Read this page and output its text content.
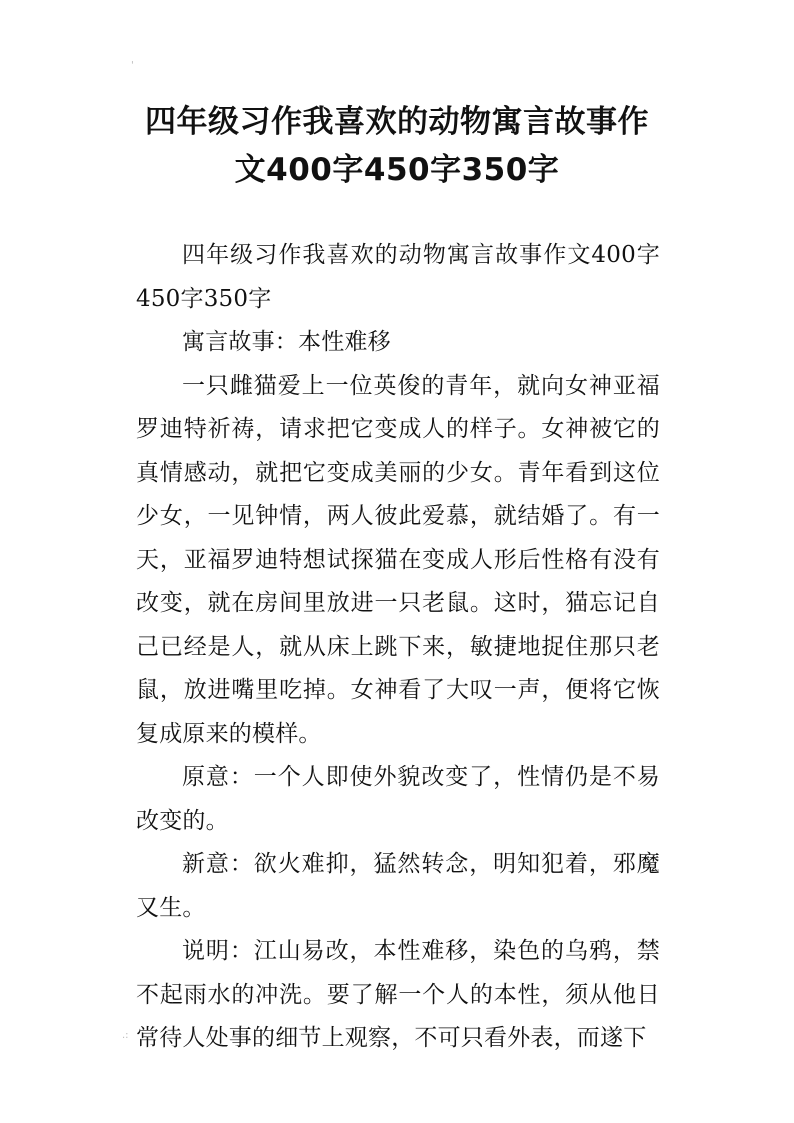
'
四年级习作我喜欢的动物寓言故事作
文400字450字350字

四年级习作我喜欢的动物寓言故事作文400字450字350字

寓言故事：本性难移

一只雌猫爱上一位英俊的青年，就向女神亚福罗迪特祈祷，请求把它变成人的样子。女神被它的真情感动，就把它变成美丽的少女。青年看到这位少女，一见钟情，两人彼此爱慕，就结婚了。有一天，亚福罗迪特想试探猫在变成人形后性格有没有改变，就在房间里放进一只老鼠。这时，猫忘记自己已经是人，就从床上跳下来，敏捷地捉住那只老鼠，放进嘴里吃掉。女神看了大叹一声，便将它恢复成原来的模样。

原意：一个人即使外貌改变了，性情仍是不易改变的。

新意：欲火难抑，猛然转念，明知犯着，邪魔又生。

说明：江山易改，本性难移，染色的乌鸦，禁不起雨水的冲洗。要了解一个人的本性，须从他日常待人处事的细节上观察，不可只看外表，而遂下

.:
